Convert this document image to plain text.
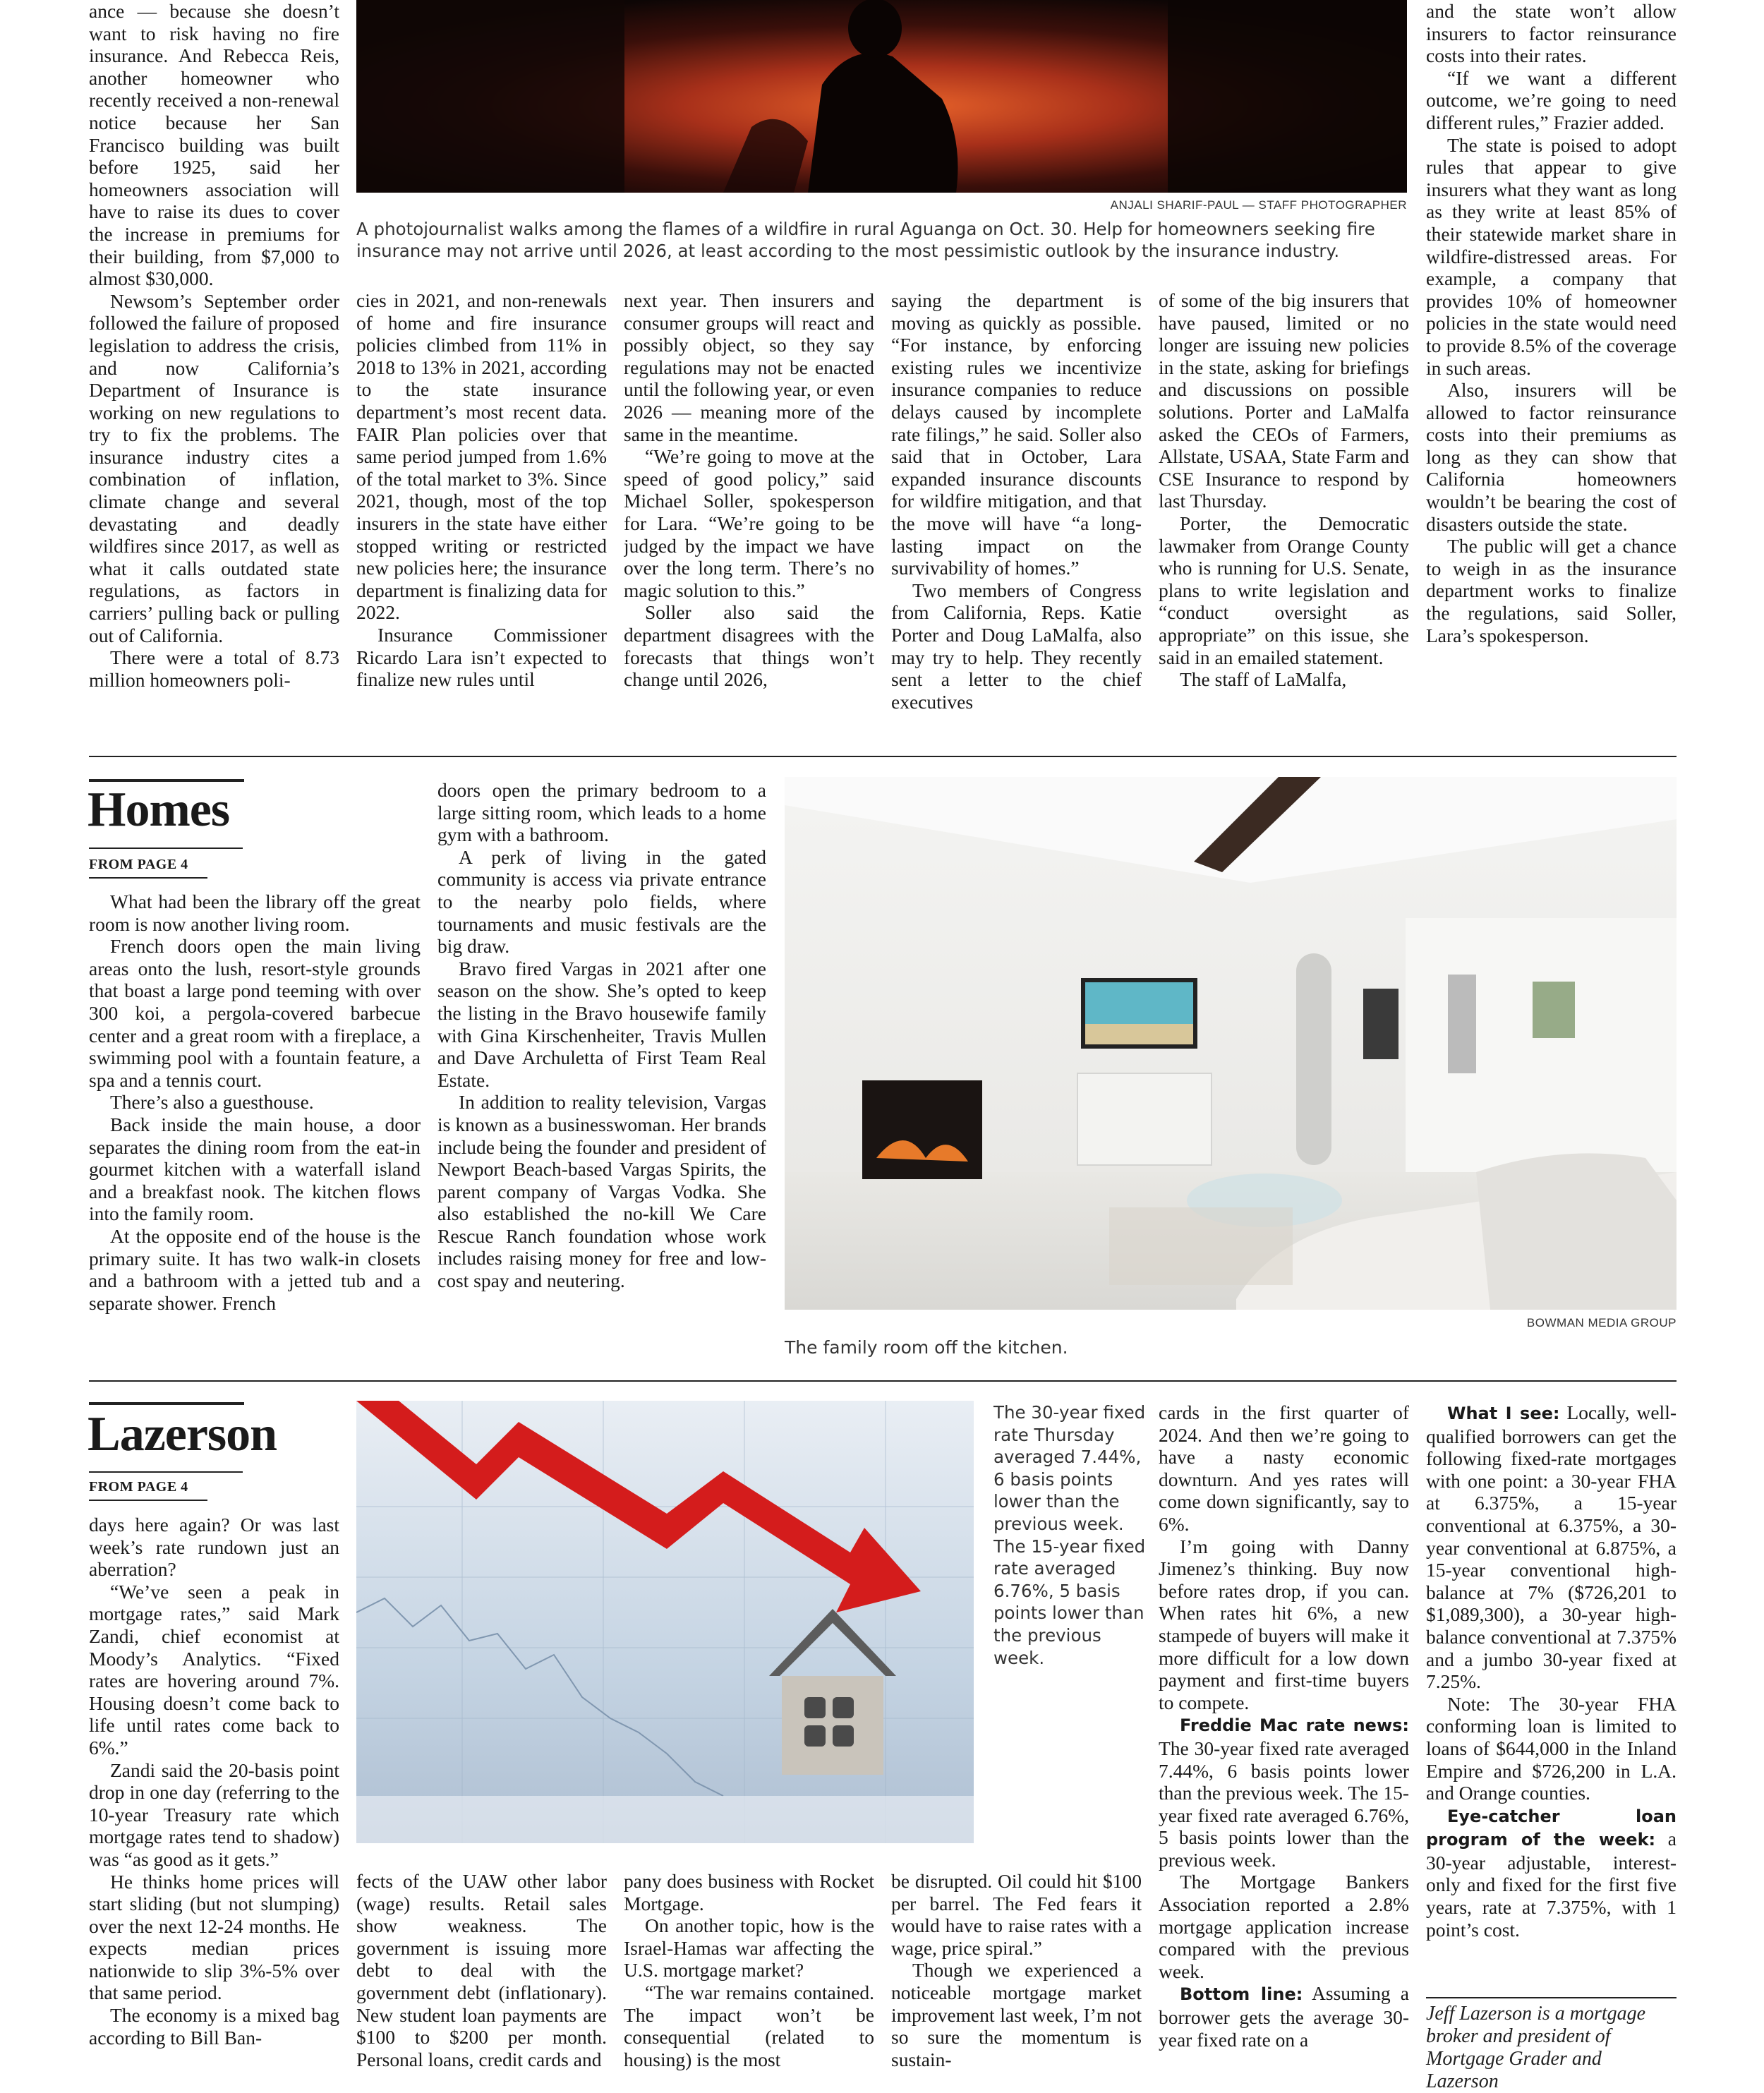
ance — because she doesn’t want to risk having no fire insurance. And Rebecca Reis, another homeowner who recently received a non-renewal notice because her San Francisco building was built before 1925, said her homeowners association will have to raise its dues to cover the increase in premiums for their building, from $7,000 to almost $30,000.

Newsom’s September order followed the failure of proposed legislation to address the crisis, and now California’s Department of Insurance is working on new regulations to try to fix the problems. The insurance industry cites a combination of inflation, climate change and several devastating and deadly wildfires since 2017, as well as what it calls outdated state regulations, as factors in carriers’ pulling back or pulling out of California.

There were a total of 8.73 million homeowners poli-

ANJALI SHARIF-PAUL — STAFF PHOTOGRAPHER
A photojournalist walks among the flames of a wildfire in rural Aguanga on Oct. 30. Help for homeowners seeking fire insurance may not arrive until 2026, at least according to the most pessimistic outlook by the insurance industry.

cies in 2021, and non-renewals of home and fire insurance policies climbed from 11% in 2018 to 13% in 2021, according to the state insurance department’s most recent data. FAIR Plan policies over that same period jumped from 1.6% of the total market to 3%. Since 2021, though, most of the top insurers in the state have either stopped writing or restricted new policies here; the insurance department is finalizing data for 2022.

Insurance Commissioner Ricardo Lara isn’t expected to finalize new rules until

next year. Then insurers and consumer groups will react and possibly object, so they say regulations may not be enacted until the following year, or even 2026 — meaning more of the same in the meantime.

“We’re going to move at the speed of good policy,” said Michael Soller, spokesperson for Lara. “We’re going to be judged by the impact we have over the long term. There’s no magic solution to this.”

Soller also said the department disagrees with the forecasts that things won’t change until 2026,

saying the department is moving as quickly as possible. “For instance, by enforcing existing rules we incentivize insurance companies to reduce delays caused by incomplete rate filings,” he said. Soller also said that in October, Lara expanded insurance discounts for wildfire mitigation, and that the move will have “a long-lasting impact on the survivability of homes.”

Two members of Congress from California, Reps. Katie Porter and Doug LaMalfa, also may try to help. They recently sent a letter to the chief executives

of some of the big insurers that have paused, limited or no longer are issuing new policies in the state, asking for briefings and discussions on possible solutions. Porter and LaMalfa asked the CEOs of Farmers, Allstate, USAA, State Farm and CSE Insurance to respond by last Thursday.

Porter, the Democratic lawmaker from Orange County who is running for U.S. Senate, plans to write legislation and “conduct oversight as appropriate” on this issue, she said in an emailed statement.

The staff of LaMalfa,

and the state won’t allow insurers to factor reinsurance costs into their rates.

“If we want a different outcome, we’re going to need different rules,” Frazier added.

The state is poised to adopt rules that appear to give insurers what they want as long as they write at least 85% of their statewide market share in wildfire-distressed areas. For example, a company that provides 10% of homeowner policies in the state would need to provide 8.5% of the coverage in such areas.

Also, insurers will be allowed to factor reinsurance costs into their premiums as long as they can show that California homeowners wouldn’t be bearing the cost of disasters outside the state.

The public will get a chance to weigh in as the insurance department works to finalize the regulations, said Soller, Lara’s spokesperson.

Homes
FROM PAGE 4

What had been the library off the great room is now another living room.

French doors open the main living areas onto the lush, resort-style grounds that boast a large pond teeming with over 300 koi, a pergola-covered barbecue center and a great room with a fireplace, a swimming pool with a fountain feature, a spa and a tennis court.

There’s also a guesthouse.

Back inside the main house, a door separates the dining room from the eat-in gourmet kitchen with a waterfall island and a breakfast nook. The kitchen flows into the family room.

At the opposite end of the house is the primary suite. It has two walk-in closets and a bathroom with a jetted tub and a separate shower. French

doors open the primary bedroom to a large sitting room, which leads to a home gym with a bathroom.

A perk of living in the gated community is access via private entrance to the nearby polo fields, where tournaments and music festivals are the big draw.

Bravo fired Vargas in 2021 after one season on the show. She’s opted to keep the listing in the Bravo housewife family with Gina Kirschenheiter, Travis Mullen and Dave Archuletta of First Team Real Estate.

In addition to reality television, Vargas is known as a businesswoman. Her brands include being the founder and president of Newport Beach-based Vargas Spirits, the parent company of Vargas Vodka. She also established the no-kill We Care Rescue Ranch foundation whose work includes raising money for free and low-cost spay and neutering.

BOWMAN MEDIA GROUP
The family room off the kitchen.
Lazerson
FROM PAGE 4

days here again? Or was last week’s rate rundown just an aberration?

“We’ve seen a peak in mortgage rates,” said Mark Zandi, chief economist at Moody’s Analytics. “Fixed rates are hovering around 7%. Housing doesn’t come back to life until rates come back to 6%.”

Zandi said the 20-basis point drop in one day (referring to the 10-year Treasury rate which mortgage rates tend to shadow) was “as good as it gets.”

He thinks home prices will start sliding (but not slumping) over the next 12-24 months. He expects median prices nationwide to slip 3%-5% over that same period.

The economy is a mixed bag according to Bill Ban-

The 30-year fixed rate Thursday averaged 7.44%, 6 basis points lower than the previous week. The 15-year fixed rate averaged 6.76%, 5 basis points lower than the previous week.

fects of the UAW other labor (wage) results. Retail sales show weakness. The government is issuing more debt to deal with the government debt (inflationary). New student loan payments are $100 to $200 per month. Personal loans, credit cards and

pany does business with Rocket Mortgage.

On another topic, how is the Israel-Hamas war affecting the U.S. mortgage market?

“The war remains contained. The impact won’t be consequential (related to housing) is the most

be disrupted. Oil could hit $100 per barrel. The Fed fears it would have to raise rates with a wage, price spiral.”

Though we experienced a noticeable mortgage market improvement last week, I’m not so sure the momentum is sustain-

cards in the first quarter of 2024. And then we’re going to have a nasty economic downturn. And yes rates will come down significantly, say to 6%.

I’m going with Danny Jimenez’s thinking. Buy now before rates drop, if you can. When rates hit 6%, a new stampede of buyers will make it more difficult for a low down payment and first-time buyers to compete.

Freddie Mac rate news: The 30-year fixed rate averaged 7.44%, 6 basis points lower than the previous week. The 15-year fixed rate averaged 6.76%, 5 basis points lower than the previous week.

The Mortgage Bankers Association reported a 2.8% mortgage application increase compared with the previous week.

Bottom line: Assuming a borrower gets the average 30-year fixed rate on a

What I see: Locally, well-qualified borrowers can get the following fixed-rate mortgages with one point: a 30-year FHA at 6.375%, a 15-year conventional at 6.375%, a 30-year conventional at 6.875%, a 15-year conventional high-balance at 7% ($726,201 to $1,089,300), a 30-year high-balance conventional at 7.375% and a jumbo 30-year fixed at 7.25%.

Note: The 30-year FHA conforming loan is limited to loans of $644,000 in the Inland Empire and $726,200 in L.A. and Orange counties.

Eye-catcher loan program of the week: a 30-year adjustable, interest-only and fixed for the first five years, rate at 7.375%, with 1 point’s cost.

Jeff Lazerson is a mortgage broker and president of Mortgage Grader and Lazerson
